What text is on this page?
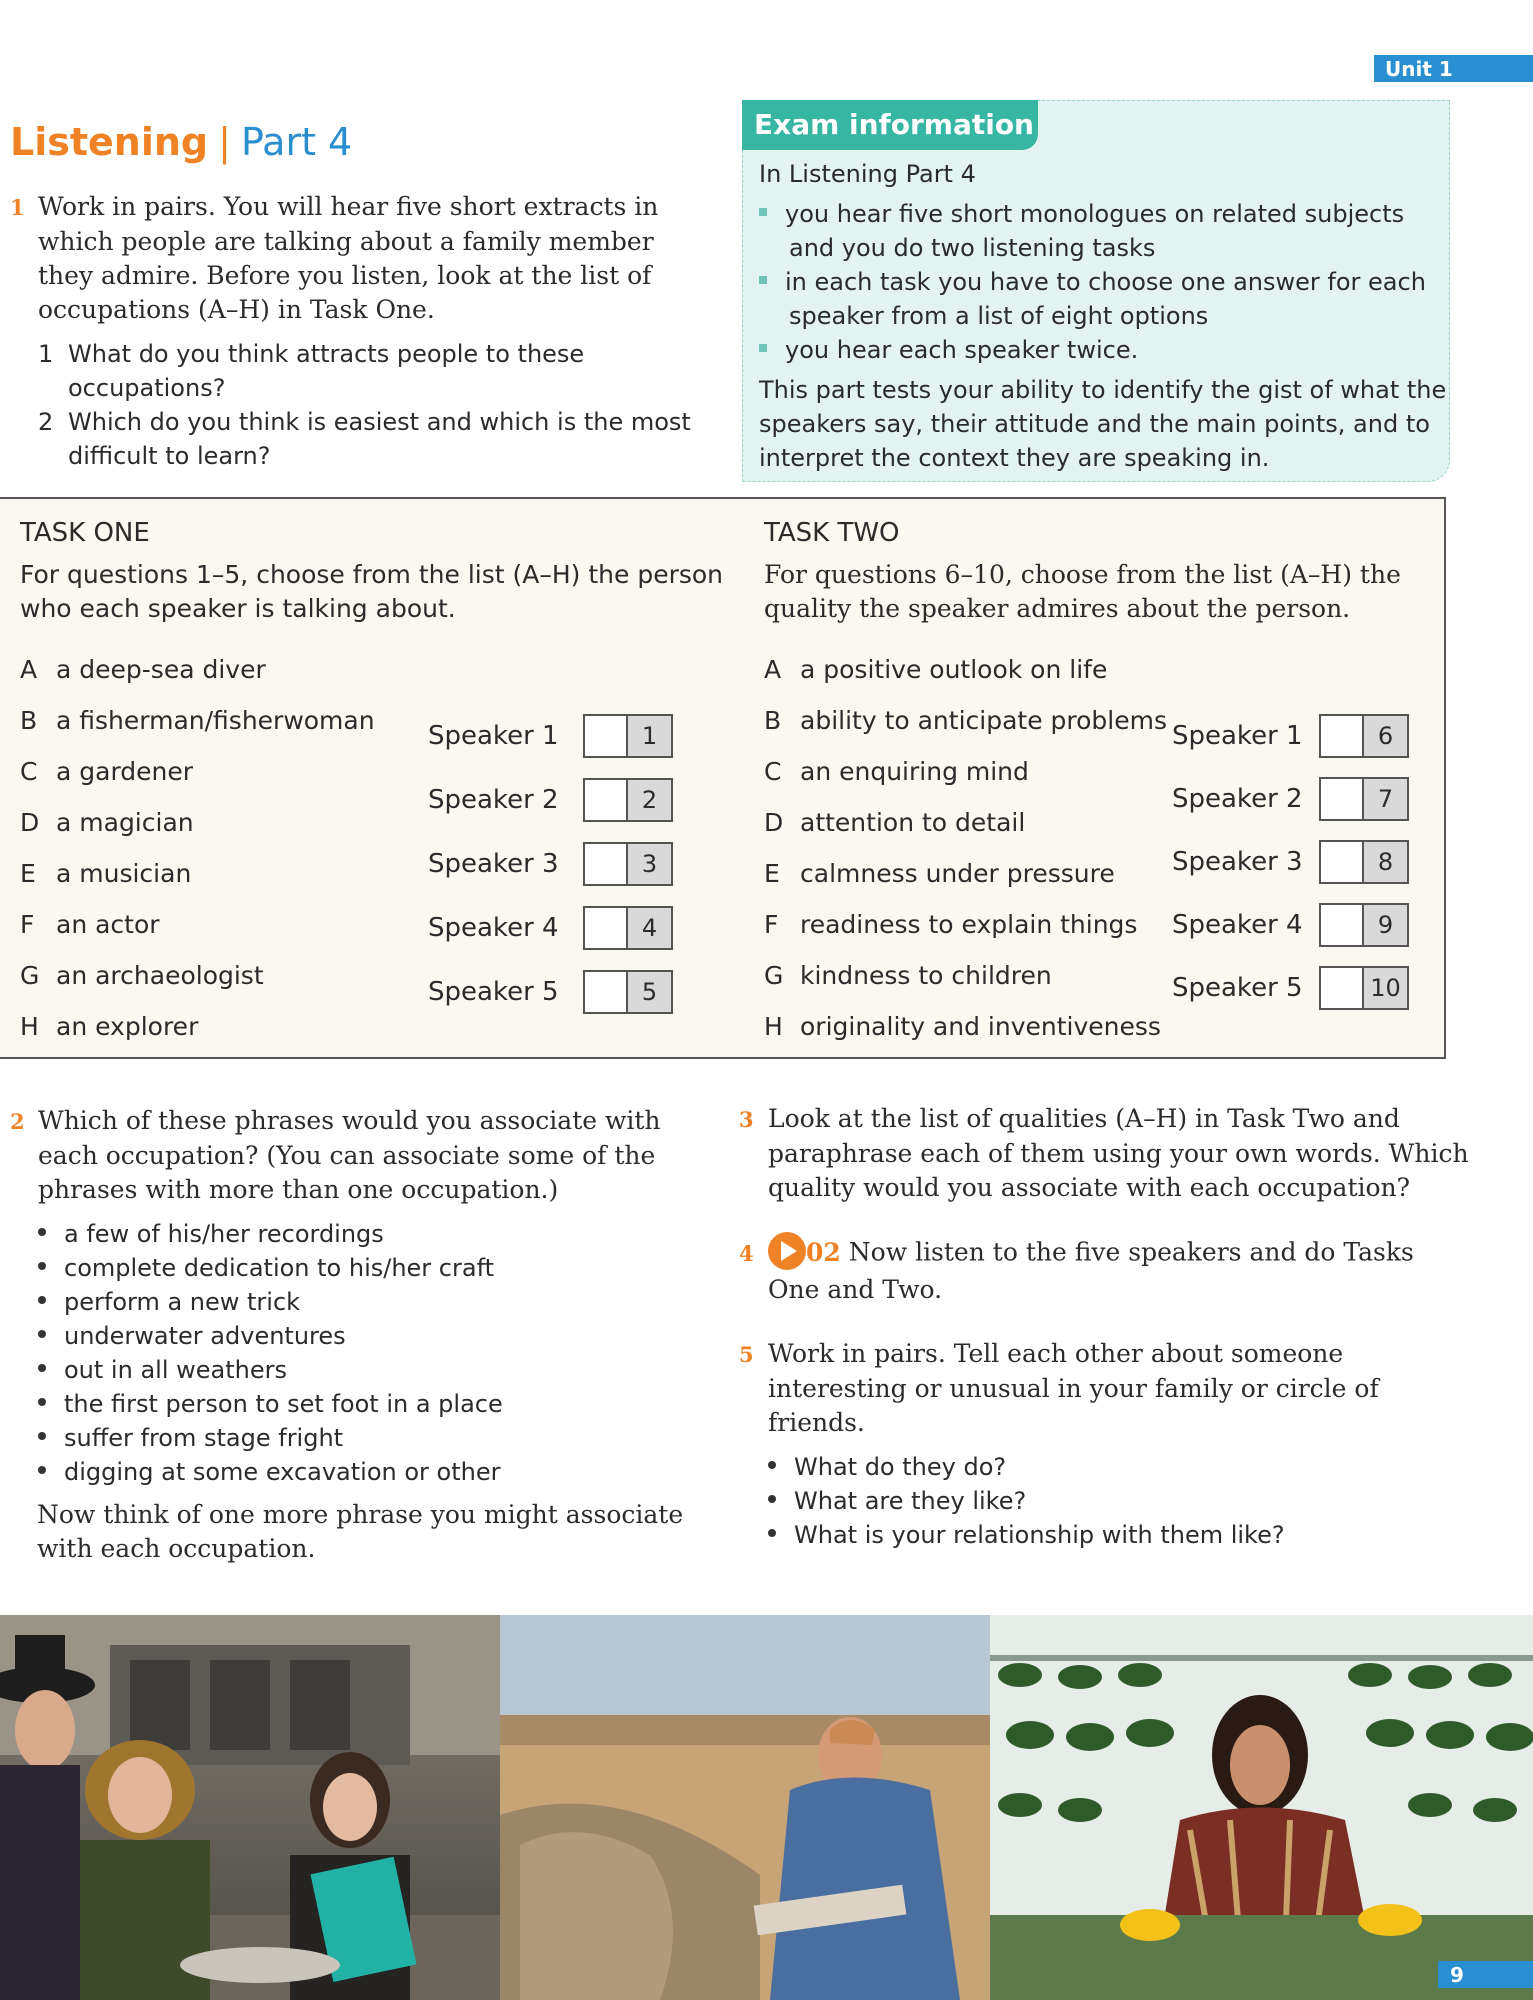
Unit 1
Listening | Part 4
1 Work in pairs. You will hear five short extracts in
which people are talking about a family member
they admire. Before you listen, look at the list of
occupations (A–H) in Task One.
1 What do you think attracts people to these
occupations?
2 Which do you think is easiest and which is the most
difficult to learn?
Exam information
In Listening Part 4
you hear five short monologues on related subjects
and you do two listening tasks
in each task you have to choose one answer for each
speaker from a list of eight options
you hear each speaker twice.
This part tests your ability to identify the gist of what the
speakers say, their attitude and the main points, and to
interpret the context they are speaking in.
TASK ONE
For questions 1–5, choose from the list (A–H) the person
who each speaker is talking about.
A a deep-sea diver
B a fisherman/fisherwoman
C a gardener
D a magician
E a musician
F an actor
G an archaeologist
H an explorer
Speaker 1	1
Speaker 2	2
Speaker 3	3
Speaker 4	4
Speaker 5	5
TASK TWO
For questions 6–10, choose from the list (A–H) the
quality the speaker admires about the person.
A a positive outlook on life
B ability to anticipate problems
C an enquiring mind
D attention to detail
E calmness under pressure
F readiness to explain things
G kindness to children
H originality and inventiveness
Speaker 1	6
Speaker 2	7
Speaker 3	8
Speaker 4	9
Speaker 5	10
2 Which of these phrases would you associate with
each occupation? (You can associate some of the
phrases with more than one occupation.)
a few of his/her recordings
complete dedication to his/her craft
perform a new trick
underwater adventures
out in all weathers
the first person to set foot in a place
suffer from stage fright
digging at some excavation or other
Now think of one more phrase you might associate
with each occupation.
3 Look at the list of qualities (A–H) in Task Two and
paraphrase each of them using your own words. Which
quality would you associate with each occupation?
4 02 Now listen to the five speakers and do Tasks
One and Two.
5 Work in pairs. Tell each other about someone
interesting or unusual in your family or circle of
friends.
What do they do?
What are they like?
What is your relationship with them like?
9
